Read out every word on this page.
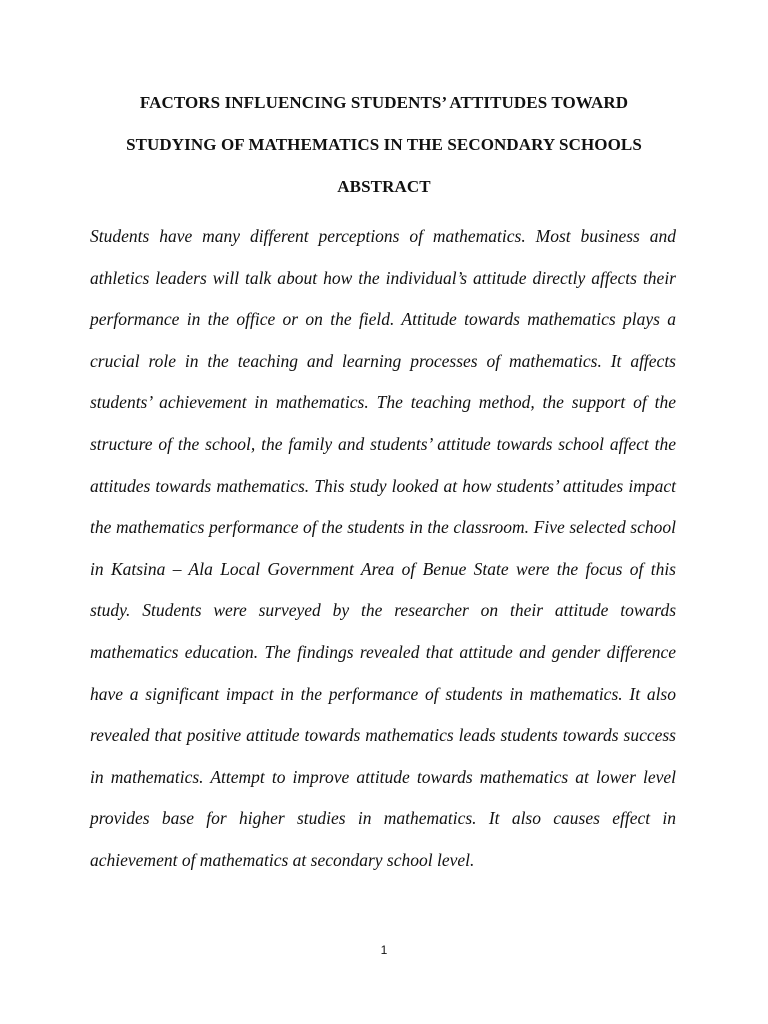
FACTORS INFLUENCING STUDENTS’ ATTITUDES TOWARD
STUDYING OF MATHEMATICS IN THE SECONDARY SCHOOLS
ABSTRACT

Students have many different perceptions of mathematics. Most business and athletics leaders will talk about how the individual’s attitude directly affects their performance in the office or on the field. Attitude towards mathematics plays a crucial role in the teaching and learning processes of mathematics. It affects students’ achievement in mathematics. The teaching method, the support of the structure of the school, the family and students’ attitude towards school affect the attitudes towards mathematics. This study looked at how students’ attitudes impact the mathematics performance of the students in the classroom. Five selected school in Katsina – Ala Local Government Area of Benue State were the focus of this study. Students were surveyed by the researcher on their attitude towards mathematics education. The findings revealed that attitude and gender difference have a significant impact in the performance of students in mathematics. It also revealed that positive attitude towards mathematics leads students towards success in mathematics. Attempt to improve attitude towards mathematics at lower level provides base for higher studies in mathematics. It also causes effect in achievement of mathematics at secondary school level.

1
